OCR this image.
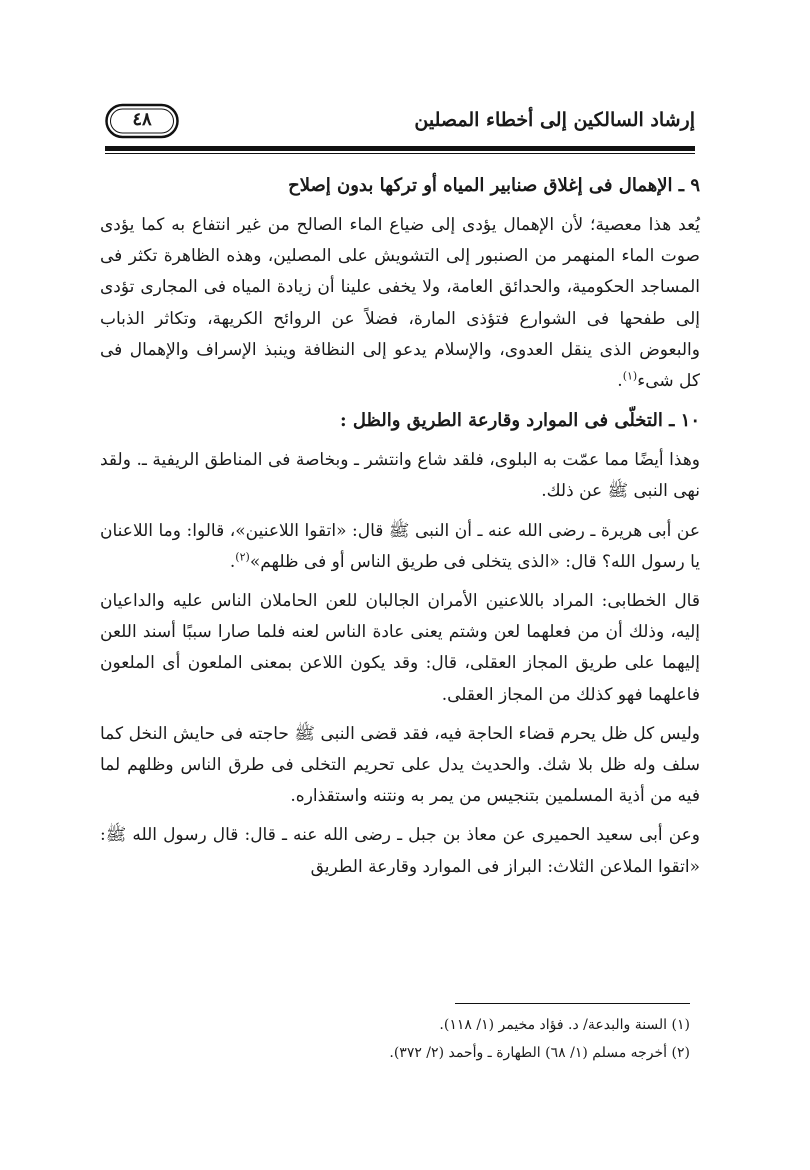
إرشاد السالكين إلى أخطاء المصلين
٤٨
٩ ـ الإهمال فى إغلاق صنابير المياه أو تركها بدون إصلاح

يُعد هذا معصية؛ لأن الإهمال يؤدى إلى ضياع الماء الصالح من غير انتفاع به كما يؤدى صوت الماء المنهمر من الصنبور إلى التشويش على المصلين، وهذه الظاهرة تكثر فى المساجد الحكومية، والحدائق العامة، ولا يخفى علينا أن زيادة المياه فى المجارى تؤدى إلى طفحها فى الشوارع فتؤذى المارة، فضلاً عن الروائح الكريهة، وتكاثر الذباب والبعوض الذى ينقل العدوى، والإسلام يدعو إلى النظافة وينبذ الإسراف والإهمال فى كل شىء$^{(١)}$.

١٠ ـ التخلّى فى الموارد وقارعة الطريق والظل :

وهذا أيضًا مما عمّت به البلوى، فلقد شاع وانتشر ـ وبخاصة فى المناطق الريفية ـ. ولقد نهى النبى ﷺ عن ذلك.

عن أبى هريرة ـ رضى الله عنه ـ أن النبى ﷺ قال: «اتقوا اللاعنين»، قالوا: وما اللاعنان يا رسول الله؟ قال: «الذى يتخلى فى طريق الناس أو فى ظلهم»$^{(٢)}$.

قال الخطابى: المراد باللاعنين الأمران الجالبان للعن الحاملان الناس عليه والداعيان إليه، وذلك أن من فعلهما لعن وشتم يعنى عادة الناس لعنه فلما صارا سببًا أسند اللعن إليهما على طريق المجاز العقلى، قال: وقد يكون اللاعن بمعنى الملعون أى الملعون فاعلهما فهو كذلك من المجاز العقلى.

وليس كل ظل يحرم قضاء الحاجة فيه، فقد قضى النبى ﷺ حاجته فى حايش النخل كما سلف وله ظل بلا شك. والحديث يدل على تحريم التخلى فى طرق الناس وظلهم لما فيه من أذية المسلمين بتنجيس من يمر به ونتنه واستقذاره.

وعن أبى سعيد الحميرى عن معاذ بن جبل ـ رضى الله عنه ـ قال: قال رسول الله ﷺ: «اتقوا الملاعن الثلاث: البراز فى الموارد وقارعة الطريق

(١) السنة والبدعة/ د. فؤاد مخيمر (١/ ١١٨).

(٢) أخرجه مسلم (١/ ٦٨) الطهارة ـ وأحمد (٢/ ٣٧٢).
